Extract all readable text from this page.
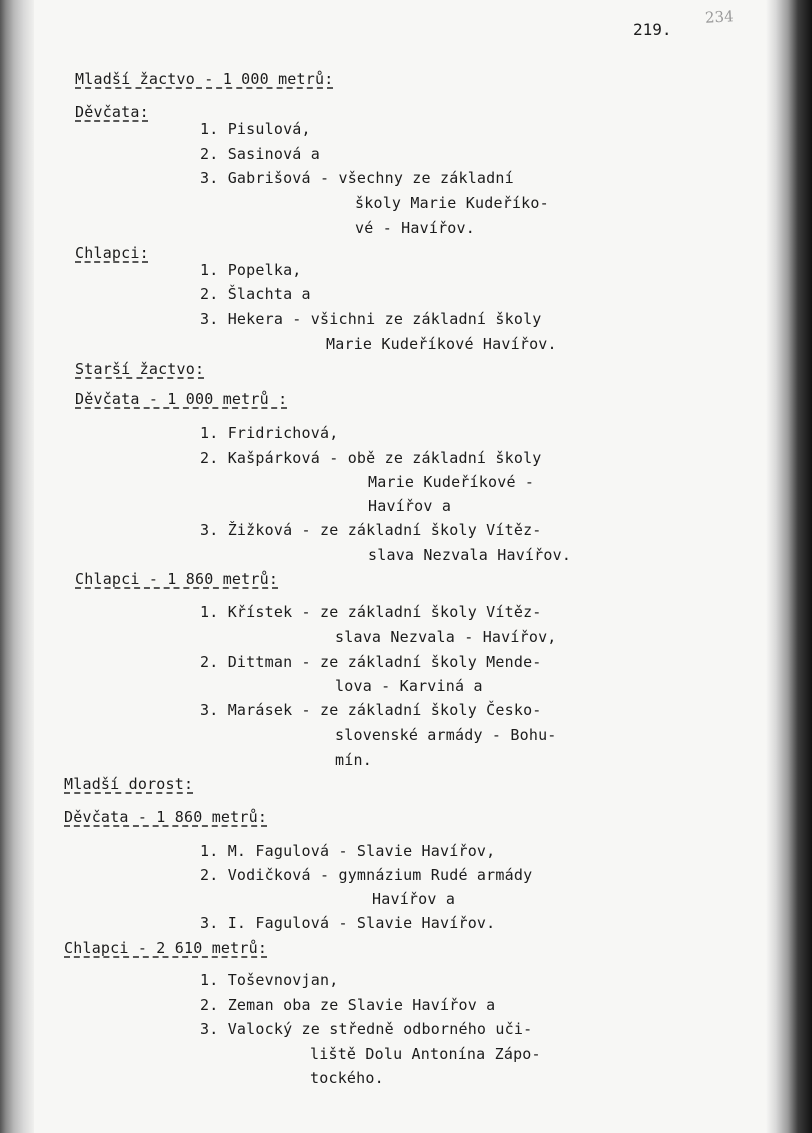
219.
234
Mladší žactvo - 1 000 metrů:
Děvčata:
1. Pisulová,
2. Sasinová a
3. Gabrišová - všechny ze základní
školy Marie Kudeříko-
vé - Havířov.
Chlapci:
1. Popelka,
2. Šlachta a
3. Hekera - všichni ze základní školy
Marie Kudeříkové Havířov.
Starší žactvo:
Děvčata - 1 000 metrů :
1. Fridrichová,
2. Kašpárková - obě ze základní školy
Marie Kudeříkové -
Havířov a
3. Žižková - ze základní školy Vítěz-
slava Nezvala Havířov.
Chlapci - 1 860 metrů:
1. Křístek - ze základní školy Vítěz-
slava Nezvala - Havířov,
2. Dittman - ze základní školy Mende-
lova - Karviná a
3. Marásek - ze základní školy Česko-
slovenské armády - Bohu-
mín.
Mladší dorost:
Děvčata - 1 860 metrů:
1. M. Fagulová - Slavie Havířov,
2. Vodičková - gymnázium Rudé armády
Havířov a
3. I. Fagulová - Slavie Havířov.
Chlapci - 2 610 metrů:
1. Toševnovjan,
2. Zeman oba ze Slavie Havířov a
3. Valocký ze středně odborného uči-
liště Dolu Antonína Zápo-
tockého.
